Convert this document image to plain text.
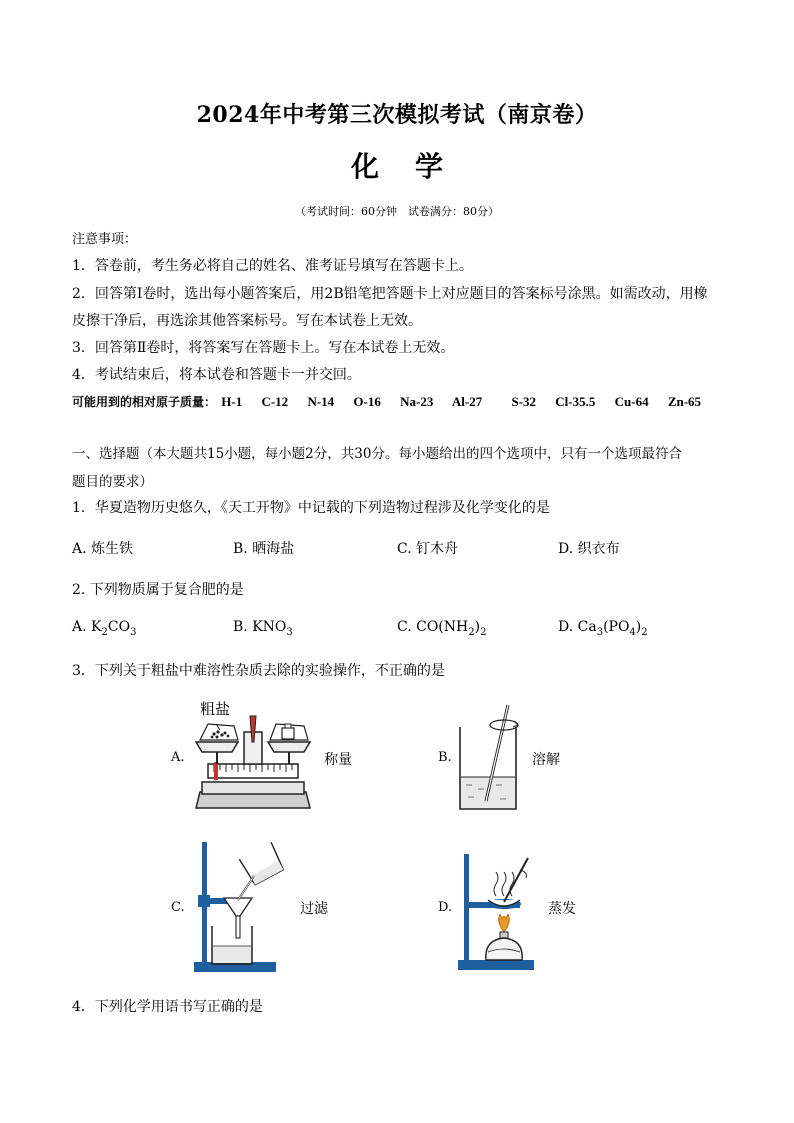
2024年中考第三次模拟考试（南京卷）
化学
（考试时间：60分钟　试卷满分：80分）
注意事项：
1．答卷前，考生务必将自己的姓名、准考证号填写在答题卡上。
2．回答第Ⅰ卷时，选出每小题答案后，用2B铅笔把答题卡上对应题目的答案标号涂黑。如需改动，用橡
皮擦干净后，再选涂其他答案标号。写在本试卷上无效。
3．回答第Ⅱ卷时，将答案写在答题卡上。写在本试卷上无效。
4．考试结束后，将本试卷和答题卡一并交回。
可能用到的相对原子质量： H-1 C-12 N-14 O-16 Na-23 Al-27 S-32 Cl-35.5 Cu-64 Zn-65
一、选择题（本大题共15小题，每小题2分，共30分。每小题给出的四个选项中，只有一个选项最符合
题目的要求）
1．华夏造物历史悠久，《天工开物》中记载的下列造物过程涉及化学变化的是
A. 炼生铁	B. 晒海盐	C. 钉木舟	D. 织衣布
2. 下列物质属于复合肥的是
A. $K_2CO_3$	B. $KNO_3$	C. $CO(NH_2)_2$	D. $Ca_3(PO_4)_2$
3．下列关于粗盐中难溶性杂质去除的实验操作，不正确的是
A.
粗盐
称量	B.	溶解
C.	过滤	D.	蒸发
4．下列化学用语书写正确的是
